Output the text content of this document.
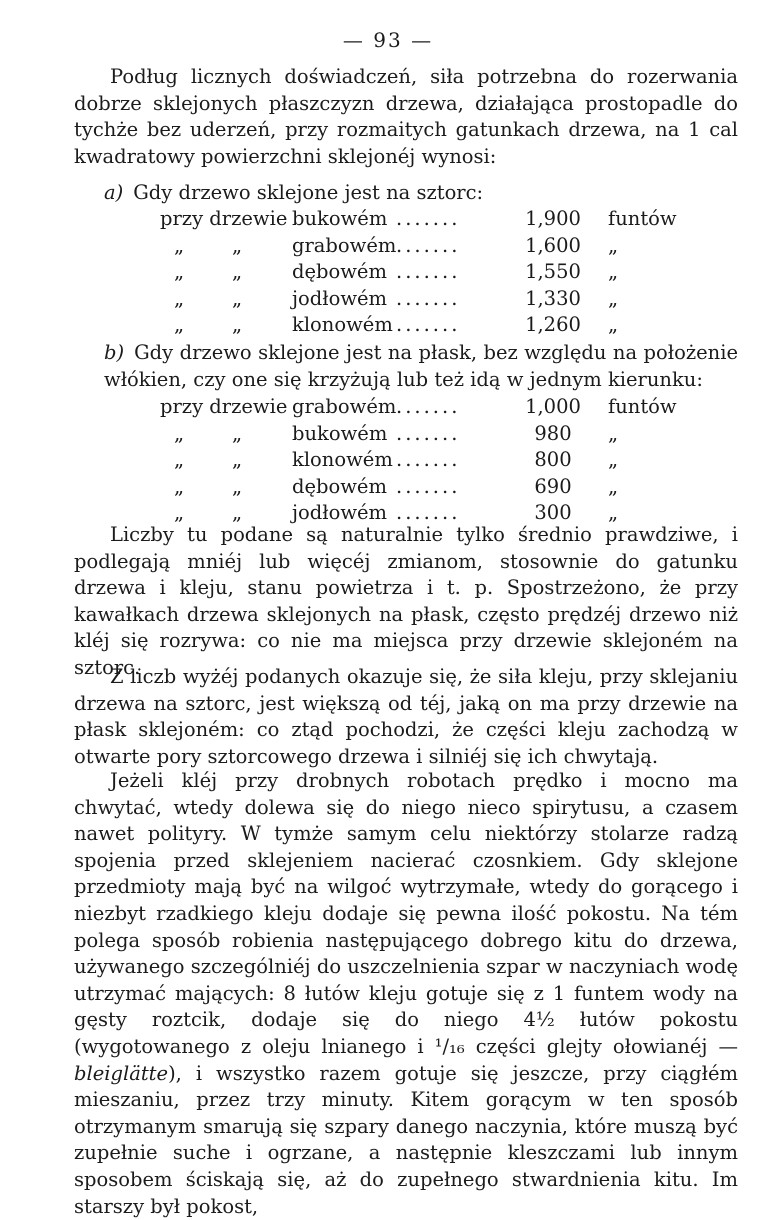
— 93 —
Podług licznych doświadczeń, siła potrzebna do rozerwania dobrze sklejonych płaszczyzn drzewa, działająca prostopadle do tychże bez uderzeń, przy rozmaitych gatunkach drzewa, na 1 cal kwadratowy powierzchni sklejonéj wynosi:
a) Gdy drzewo sklejone jest na sztorc:
przy drzewie bukowém .......	1,900	funtów
„ „	grabowém .......	1,600	„
„ „	dębowém .......	1,550	„
„ „	jodłowém .......	1,330	„
„ „	klonowém .......	1,260	„
b) Gdy drzewo sklejone jest na płask, bez względu na położenie włókien, czy one się krzyżują lub też idą w jednym kierunku:
przy drzewie grabowém .......	1,000	funtów
„ „	bukowém .......	980	„
„ „	klonowém .......	800	„
„ „	dębowém .......	690	„
„ „	jodłowém .......	300	„
Liczby tu podane są naturalnie tylko średnio prawdziwe, i podlegają mniéj lub więcéj zmianom, stosownie do gatunku drzewa i kleju, stanu powietrza i t. p. Spostrzeżono, że przy kawałkach drzewa sklejonych na płask, często prędzéj drzewo niż kléj się rozrywa: co nie ma miejsca przy drzewie sklejoném na sztorc.
Z liczb wyżéj podanych okazuje się, że siła kleju, przy sklejaniu drzewa na sztorc, jest większą od téj, jaką on ma przy drzewie na płask sklejoném: co ztąd pochodzi, że części kleju zachodzą w otwarte pory sztorcowego drzewa i silniéj się ich chwytają.
Jeżeli kléj przy drobnych robotach prędko i mocno ma chwytać, wtedy dolewa się do niego nieco spirytusu, a czasem nawet polityry. W tymże samym celu niektórzy stolarze radzą spojenia przed sklejeniem nacierać czosnkiem. Gdy sklejone przedmioty mają być na wilgoć wytrzymałe, wtedy do gorącego i niezbyt rzadkiego kleju dodaje się pewna ilość pokostu. Na tém polega sposób robienia następującego dobrego kitu do drzewa, używanego szczególniéj do uszczelnienia szpar w naczyniach wodę utrzymać mających: 8 łutów kleju gotuje się z 1 funtem wody na gęsty roztcik, dodaje się do niego 4½ łutów pokostu (wygotowanego z oleju lnianego i ¹/₁₆ części glejty ołowianéj — bleiglätte), i wszystko razem gotuje się jeszcze, przy ciągłém mieszaniu, przez trzy minuty. Kitem gorącym w ten sposób otrzymanym smarują się szpary danego naczynia, które muszą być zupełnie suche i ogrzane, a następnie kleszczami lub innym sposobem ściskają się, aż do zupełnego stwardnienia kitu. Im starszy był pokost,
